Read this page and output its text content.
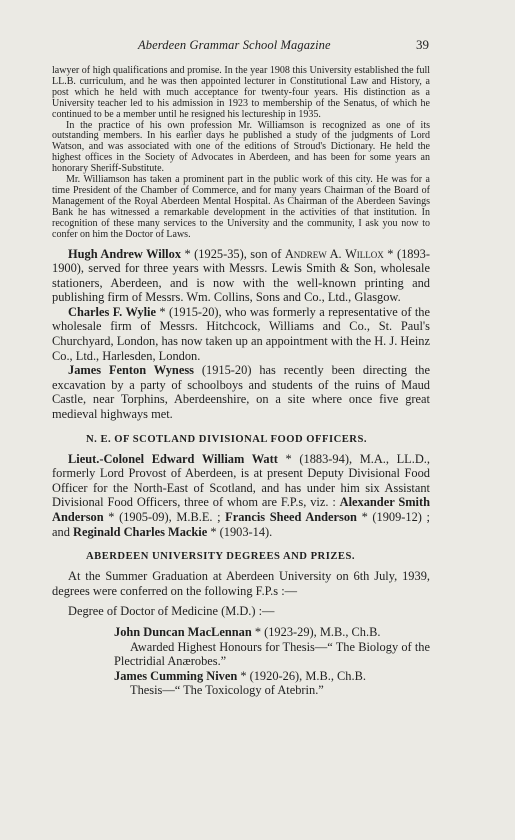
Aberdeen Grammar School Magazine	39

lawyer of high qualifications and promise. In the year 1908 this University established the full LL.B. curriculum, and he was then appointed lecturer in Constitutional Law and History, a post which he held with much acceptance for twenty-four years. His distinction as a University teacher led to his admission in 1923 to membership of the Senatus, of which he continued to be a member until he resigned his lectureship in 1935.

In the practice of his own profession Mr. Williamson is recognized as one of its outstanding members. In his earlier days he published a study of the judgments of Lord Watson, and was associated with one of the editions of Stroud's Dictionary. He held the highest offices in the Society of Advocates in Aberdeen, and has been for some years an honorary Sheriff-Substitute.

Mr. Williamson has taken a prominent part in the public work of this city. He was for a time President of the Chamber of Commerce, and for many years Chairman of the Board of Management of the Royal Aberdeen Mental Hospital. As Chairman of the Aberdeen Savings Bank he has witnessed a remarkable development in the activities of that institution. In recognition of these many services to the University and the community, I ask you now to confer on him the Doctor of Laws.

Hugh Andrew Willox * (1925-35), son of Andrew A. Willox * (1893-1900), served for three years with Messrs. Lewis Smith & Son, wholesale stationers, Aberdeen, and is now with the well-known printing and publishing firm of Messrs. Wm. Collins, Sons and Co., Ltd., Glasgow.

Charles F. Wylie * (1915-20), who was formerly a representative of the wholesale firm of Messrs. Hitchcock, Williams and Co., St. Paul's Churchyard, London, has now taken up an appointment with the H. J. Heinz Co., Ltd., Harlesden, London.

James Fenton Wyness (1915-20) has recently been directing the excavation by a party of schoolboys and students of the ruins of Maud Castle, near Torphins, Aberdeenshire, on a site where once five great medieval highways met.

N. E. OF SCOTLAND DIVISIONAL FOOD OFFICERS.

Lieut.-Colonel Edward William Watt * (1883-94), M.A., LL.D., formerly Lord Provost of Aberdeen, is at present Deputy Divisional Food Officer for the North-East of Scotland, and has under him six Assistant Divisional Food Officers, three of whom are F.P.s, viz. : Alexander Smith Anderson * (1905-09), M.B.E. ; Francis Sheed Anderson * (1909-12) ; and Reginald Charles Mackie * (1903-14).

ABERDEEN UNIVERSITY DEGREES AND PRIZES.

At the Summer Graduation at Aberdeen University on 6th July, 1939, degrees were conferred on the following F.P.s :—

Degree of Doctor of Medicine (M.D.) :—

John Duncan MacLennan * (1923-29), M.B., Ch.B.
Awarded Highest Honours for Thesis—“ The Biology of the Plectridial Anærobes.”

James Cumming Niven * (1920-26), M.B., Ch.B.
Thesis—“ The Toxicology of Atebrin.”
